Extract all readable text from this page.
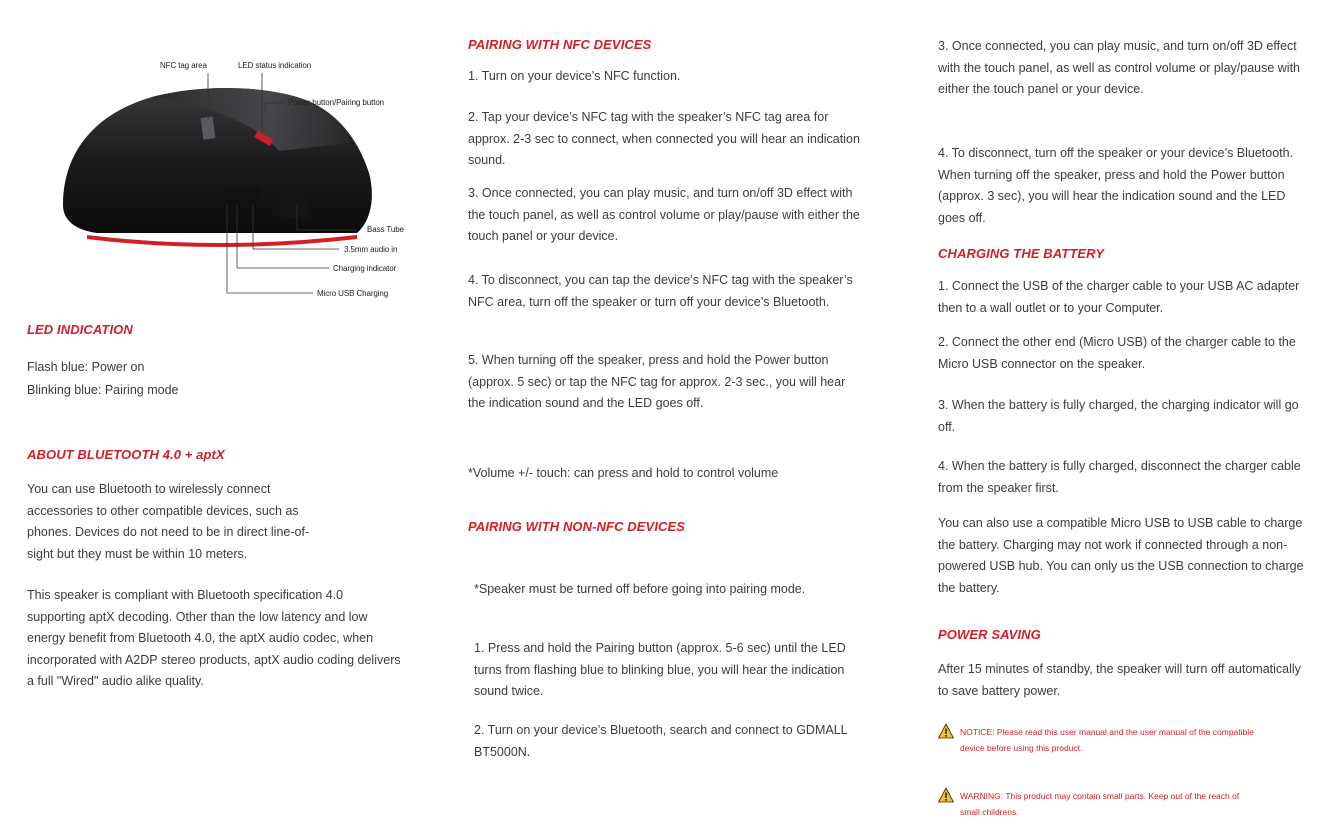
NFC tag area	LED status indication
Power button/Pairing button
Bass Tube
3.5mm audio in
Charging indicator
Micro USB Charging
LED INDICATION

Flash blue: Power on

Blinking blue: Pairing mode

ABOUT BLUETOOTH 4.0 + aptX

You can use Bluetooth to wirelessly connect accessories to other compatible devices, such as phones. Devices do not need to be in direct line-of-sight but they must be within 10 meters.

This speaker is compliant with Bluetooth specification 4.0 supporting aptX decoding. Other than the low latency and low energy benefit from Bluetooth 4.0, the aptX audio codec, when incorporated with A2DP stereo products, aptX audio coding delivers a full "Wired" audio alike quality.

PAIRING WITH NFC DEVICES

1. Turn on your device’s NFC function.

2. Tap your device’s NFC tag with the speaker’s NFC tag area for approx. 2-3 sec to connect, when connected you will hear an indication sound.

3. Once connected, you can play music, and turn on/off 3D effect with the touch panel, as well as control volume or play/pause with either the touch panel or your device.

4. To disconnect, you can tap the device’s NFC tag with the speaker’s NFC area, turn off the speaker or turn off your device’s Bluetooth.

5. When turning off the speaker, press and hold the Power button (approx. 5 sec) or tap the NFC tag for approx. 2-3 sec., you will hear the indication sound and the LED goes off.

*Volume +/- touch: can press and hold to control volume

PAIRING WITH NON-NFC DEVICES

*Speaker must be turned off before going into pairing mode.

1. Press and hold the Pairing button (approx. 5-6 sec) until the LED turns from flashing blue to blinking blue, you will hear the indication sound twice.

2. Turn on your device’s Bluetooth, search and connect to GDMALL BT5000N.

3. Once connected, you can play music, and turn on/off 3D effect with the touch panel, as well as control volume or play/pause with either the touch panel or your device.

4. To disconnect, turn off the speaker or your device’s Bluetooth. When turning off the speaker, press and hold the Power button (approx. 3 sec), you will hear the indication sound and the LED goes off.

CHARGING THE BATTERY

1. Connect the USB of the charger cable to your USB AC adapter then to a wall outlet or to your Computer.

2. Connect the other end (Micro USB) of the charger cable to the Micro USB connector on the speaker.

3. When the battery is fully charged, the charging indicator will go off.

4. When the battery is fully charged, disconnect the charger cable from the speaker first.

You can also use a compatible Micro USB to USB cable to charge the battery. Charging may not work if connected through a non-powered USB hub. You can only us the USB connection to charge the battery.

POWER SAVING

After 15 minutes of standby, the speaker will turn off automatically to save battery power.

NOTICE: Please read this user manual and the user manual of the compatible device before using this product.
WARNING: This product may contain small parts. Keep out of the reach of small childrens.
